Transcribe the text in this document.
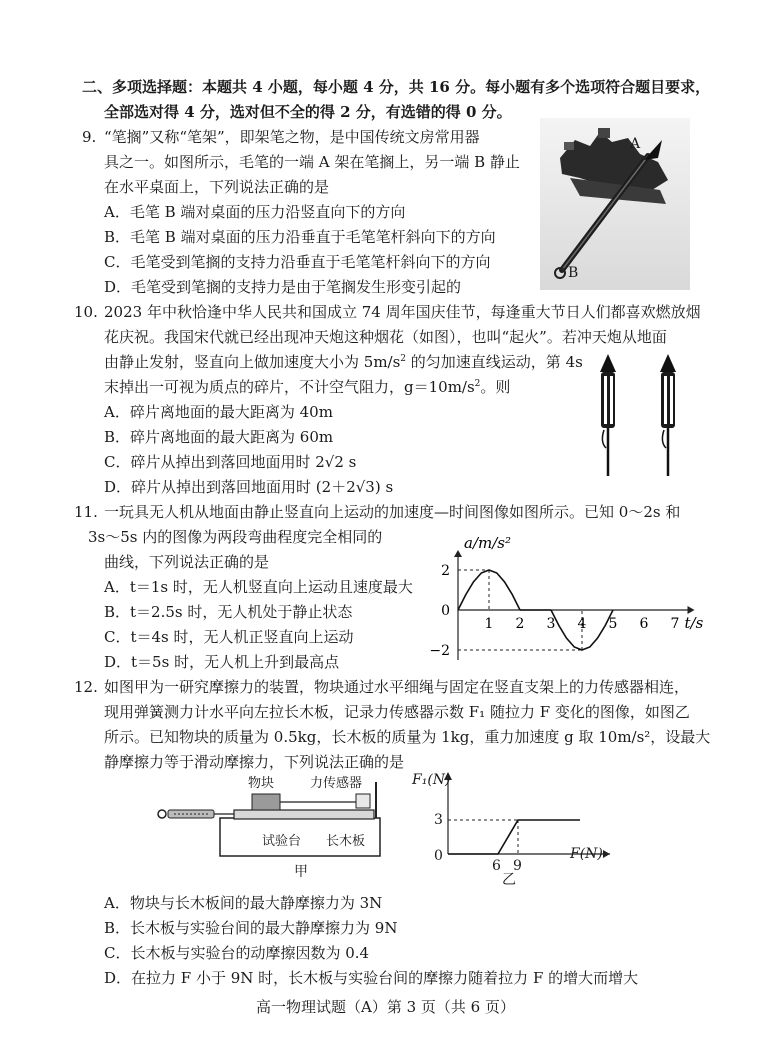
二、多项选择题：本题共 4 小题，每小题 4 分，共 16 分。每小题有多个选项符合题目要求，
全部选对得 4 分，选对但不全的得 2 分，有选错的得 0 分。
9. “笔搁”又称“笔架”，即架笔之物，是中国传统文房常用器
具之一。如图所示，毛笔的一端 A 架在笔搁上，另一端 B 静止
在水平桌面上，下列说法正确的是
A．毛笔 B 端对桌面的压力沿竖直向下的方向
B．毛笔 B 端对桌面的压力沿垂直于毛笔笔杆斜向下的方向
C．毛笔受到笔搁的支持力沿垂直于毛笔笔杆斜向下的方向
D．毛笔受到笔搁的支持力是由于笔搁发生形变引起的
A
B
10. 2023 年中秋恰逢中华人民共和国成立 74 周年国庆佳节，每逢重大节日人们都喜欢燃放烟
花庆祝。我国宋代就已经出现冲天炮这种烟花（如图），也叫“起火”。若冲天炮从地面
由静止发射，竖直向上做加速度大小为 $5m/s^2$ 的匀加速直线运动，第 4s
末掉出一可视为质点的碎片，不计空气阻力，$g=10m/s^2$。则
A．碎片离地面的最大距离为 40m
B．碎片离地面的最大距离为 60m
C．碎片从掉出到落回地面用时 2√2 s
D．碎片从掉出到落回地面用时 (2＋2√3) s
11. 一玩具无人机从地面由静止竖直向上运动的加速度—时间图像如图所示。已知 0～2s 和
3s～5s 内的图像为两段弯曲程度完全相同的
曲线，下列说法正确的是
A．t＝1s 时，无人机竖直向上运动且速度最大
B．t＝2.5s 时，无人机处于静止状态
C．t＝4s 时，无人机正竖直向上运动
D．t＝5s 时，无人机上升到最高点
1 2 3 4 5 6 7
2
0
−2
a/m/s²
t/s
12. 如图甲为一研究摩擦力的装置，物块通过水平细绳与固定在竖直支架上的力传感器相连，
现用弹簧测力计水平向左拉长木板，记录力传感器示数 F₁ 随拉力 F 变化的图像，如图乙
所示。已知物块的质量为 0.5kg，长木板的质量为 1kg，重力加速度 g 取 10m/s²，设最大
静摩擦力等于滑动摩擦力，下列说法正确的是
物块	力传感器
试验台 长木板
甲
F₁(N)
F(N)
0
3
6 9
乙
A．物块与长木板间的最大静摩擦力为 3N
B．长木板与实验台间的最大静摩擦力为 9N
C．长木板与实验台的动摩擦因数为 0.4
D．在拉力 F 小于 9N 时，长木板与实验台间的摩擦力随着拉力 F 的增大而增大
高一物理试题（A）第 3 页（共 6 页）
